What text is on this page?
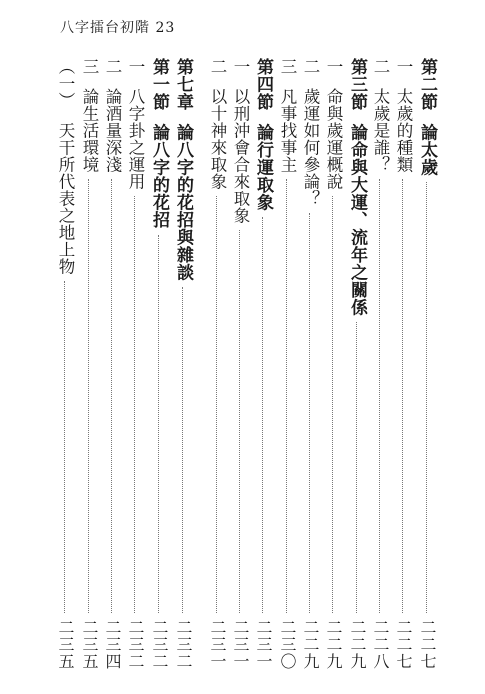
八字擂台初階 23
第二節論太歲
二二七
一太歲的種類
二二七
二太歲是誰？
二二八
第三節論命與大運、流年之關係
二二九
一命與歲運概說
二二九
二歲運如何參論？
二二九
三凡事找事主
二三〇
第四節論行運取象
二三一
一以刑沖會合來取象
二三一
二以十神來取象
二三一
第七章論八字的花招與雜談
二三二
第一節論八字的花招
二三二
一八字卦之運用
二三二
二論酒量深淺
二三四
三論生活環境
二三五
（一）天干所代表之地上物
二三五
